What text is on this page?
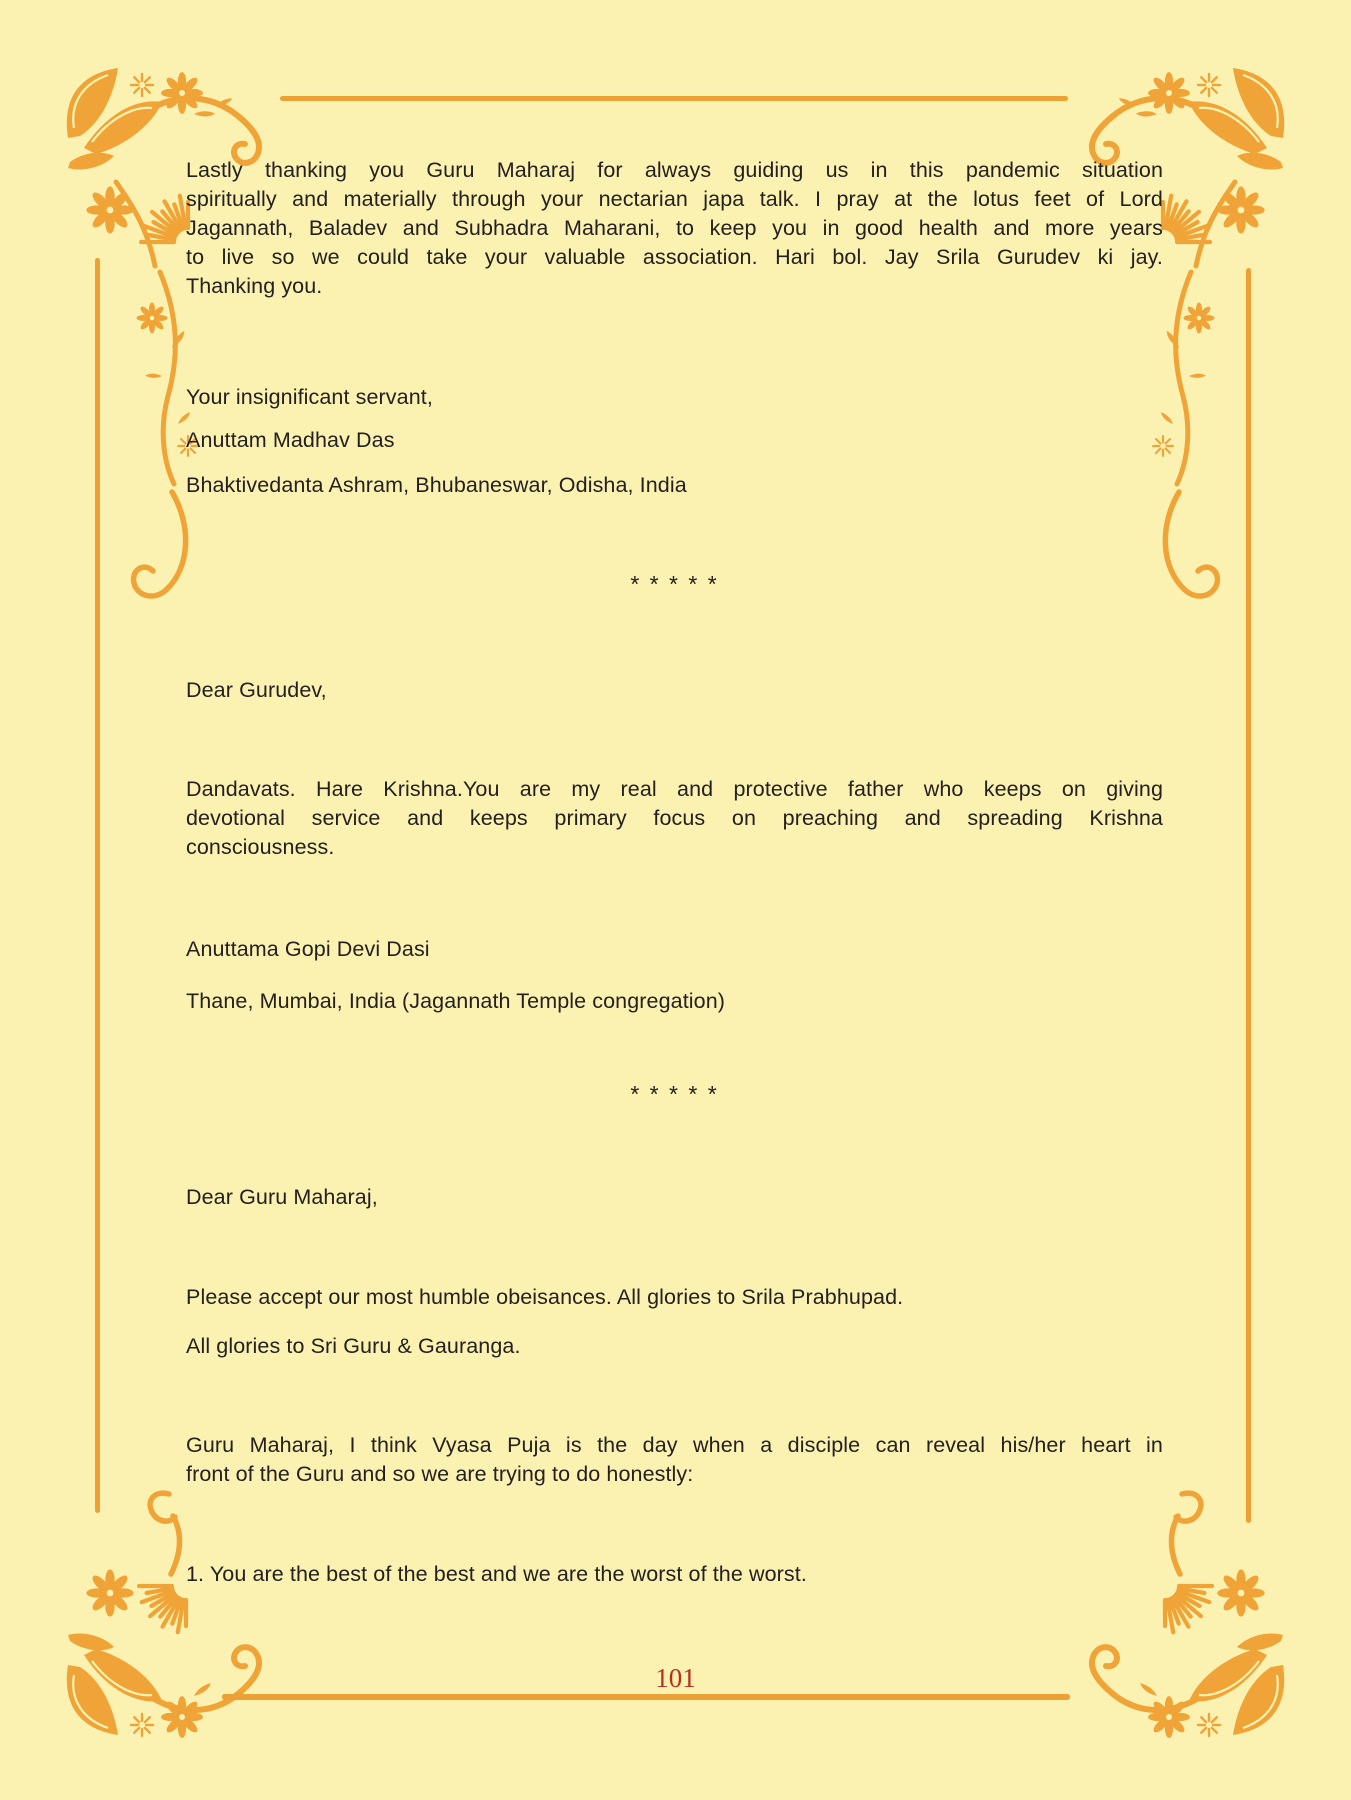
Lastly thanking you Guru Maharaj for always guiding us in this pandemic situation
spiritually and materially through your nectarian japa talk. I pray at the lotus feet of Lord
Jagannath, Baladev and Subhadra Maharani, to keep you in good health and more years
to live so we could take your valuable association. Hari bol. Jay Srila Gurudev ki jay.
Thanking you.
Your insignificant servant,
Anuttam Madhav Das
Bhaktivedanta Ashram, Bhubaneswar, Odisha, India
* * * * *
Dear Gurudev,
Dandavats. Hare Krishna.You are my real and protective father who keeps on giving
devotional service and keeps primary focus on preaching and spreading Krishna
consciousness.
Anuttama Gopi Devi Dasi
Thane, Mumbai, India (Jagannath Temple congregation)
* * * * *
Dear Guru Maharaj,
Please accept our most humble obeisances. All glories to Srila Prabhupad.
All glories to Sri Guru & Gauranga.
Guru Maharaj, I think Vyasa Puja is the day when a disciple can reveal his/her heart in
front of the Guru and so we are trying to do honestly:
1. You are the best of the best and we are the worst of the worst.
101
